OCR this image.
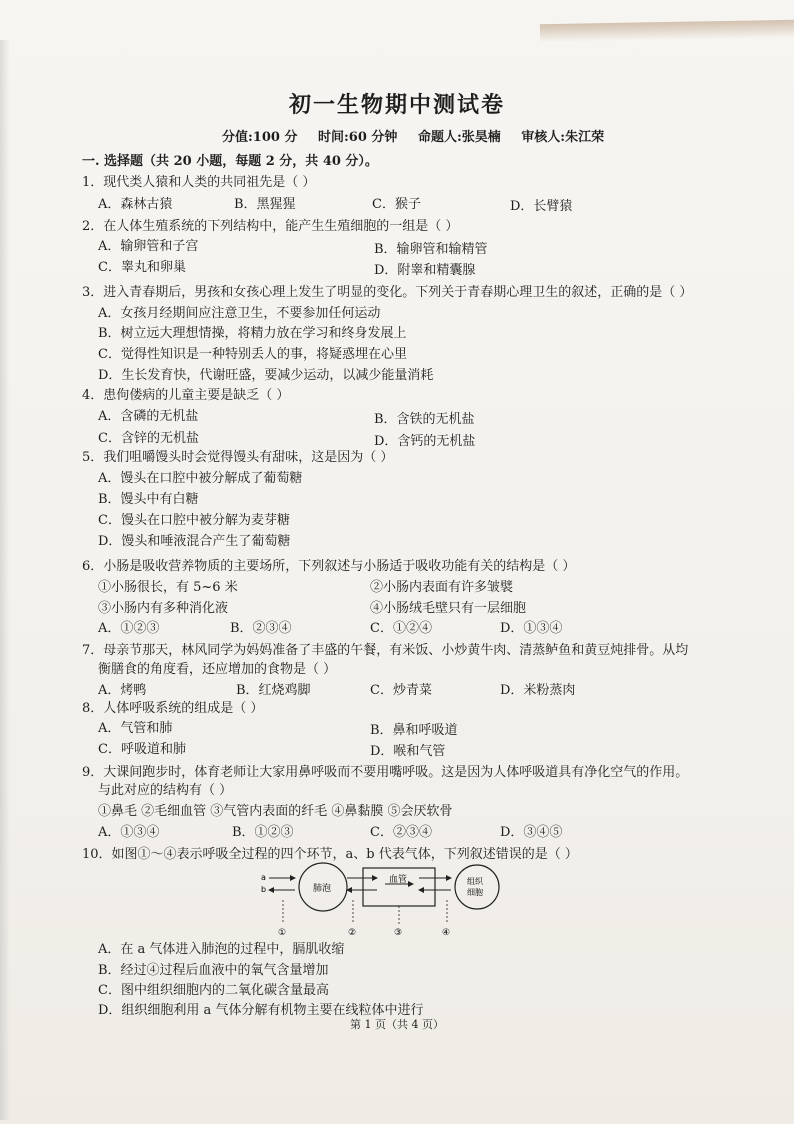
初一生物期中测试卷
分值:100 分 时间:60 分钟 命题人:张昊楠 审核人:朱江荣
一. 选择题（共 20 小题，每题 2 分，共 40 分）。
1．现代类人猿和人类的共同祖先是（ ）
A．森林古猿	B．黑猩猩	C．猴子	D．长臂猿
2．在人体生殖系统的下列结构中，能产生生殖细胞的一组是（ ）
A．输卵管和子宫	B．输卵管和输精管
C．睾丸和卵巢	D．附睾和精囊腺
3．进入青春期后，男孩和女孩心理上发生了明显的变化。下列关于青春期心理卫生的叙述，正确的是（ ）
A．女孩月经期间应注意卫生，不要参加任何运动
B．树立远大理想情操，将精力放在学习和终身发展上
C．觉得性知识是一种特别丢人的事，将疑惑埋在心里
D．生长发育快，代谢旺盛，要减少运动，以减少能量消耗
4．患佝偻病的儿童主要是缺乏（ ）
A．含磷的无机盐	B．含铁的无机盐
C．含锌的无机盐	D．含钙的无机盐
5．我们咀嚼馒头时会觉得馒头有甜味，这是因为（ ）
A．馒头在口腔中被分解成了葡萄糖
B．馒头中有白糖
C．馒头在口腔中被分解为麦芽糖
D．馒头和唾液混合产生了葡萄糖
6．小肠是吸收营养物质的主要场所，下列叙述与小肠适于吸收功能有关的结构是（ ）
①小肠很长，有 5~6 米	②小肠内表面有许多皱襞
③小肠内有多种消化液	④小肠绒毛壁只有一层细胞
A．①②③	B．②③④	C．①②④	D．①③④
7．母亲节那天，林风同学为妈妈准备了丰盛的午餐，有米饭、小炒黄牛肉、清蒸鲈鱼和黄豆炖排骨。从均
衡膳食的角度看，还应增加的食物是（ ）
A．烤鸭	B．红烧鸡脚	C．炒青菜	D．米粉蒸肉
8．人体呼吸系统的组成是（ ）
A．气管和肺	B．鼻和呼吸道
C．呼吸道和肺	D．喉和气管
9．大课间跑步时，体育老师让大家用鼻呼吸而不要用嘴呼吸。这是因为人体呼吸道具有净化空气的作用。
与此对应的结构有（ ）
①鼻毛 ②毛细血管 ③气管内表面的纤毛 ④鼻黏膜 ⑤会厌软骨
A．①③④	B．①②③	C．②③④	D．③④⑤
10．如图①～④表示呼吸全过程的四个环节，a、b 代表气体，下列叙述错误的是（ ）
肺泡
a
b
血管	组织
细胞
①	②	③	④
A．在 a 气体进入肺泡的过程中，膈肌收缩
B．经过④过程后血液中的氧气含量增加
C．图中组织细胞内的二氧化碳含量最高
D．组织细胞利用 a 气体分解有机物主要在线粒体中进行
第 1 页（共 4 页）
